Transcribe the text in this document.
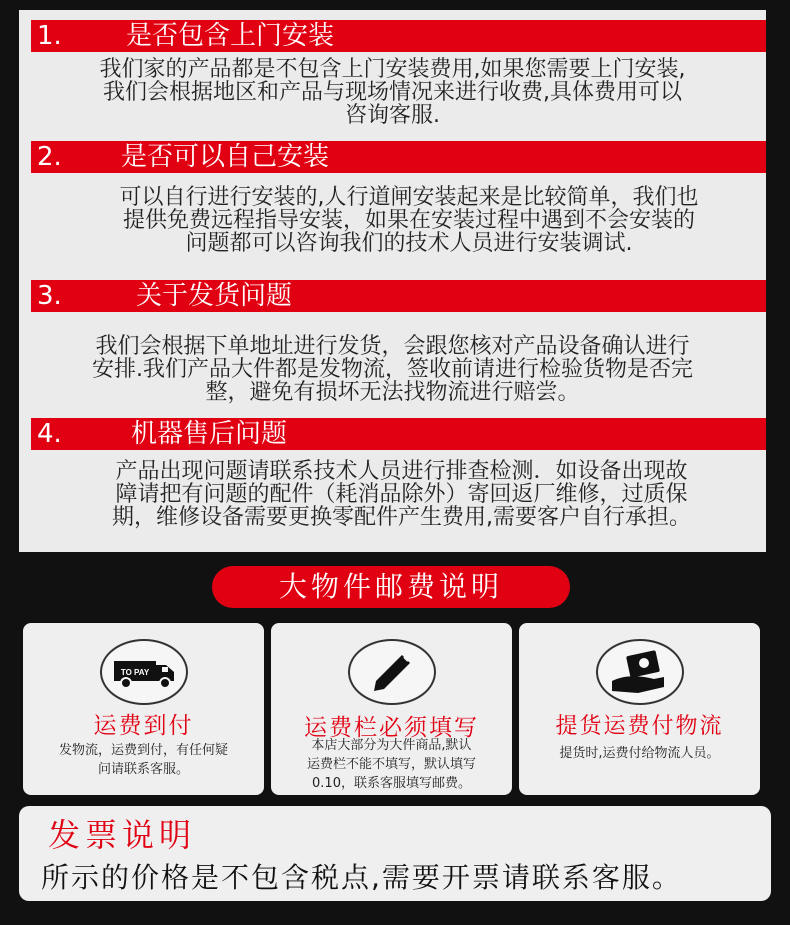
1. 是否包含上门安装
我们家的产品都是不包含上门安装费用,如果您需要上门安装,
我们会根据地区和产品与现场情况来进行收费,具体费用可以
咨询客服.
2. 是否可以自己安装
可以自行进行安装的,人行道闸安装起来是比较简单，我们也
提供免费远程指导安装，如果在安装过程中遇到不会安装的
问题都可以咨询我们的技术人员进行安装调试.
3.	关于发货问题
我们会根据下单地址进行发货，会跟您核对产品设备确认进行
安排.我们产品大件都是发物流，签收前请进行检验货物是否完
整，避免有损坏无法找物流进行赔尝。
4.	机器售后问题
产品出现问题请联系技术人员进行排查检测．如设备出现故
障请把有问题的配件（耗消品除外）寄回返厂维修，过质保
期，维修设备需要更换零配件产生费用,需要客户自行承担。
大物件邮费说明
TO PAY
运费到付
发物流，运费到付，有任何疑
问请联系客服。
运费栏必须填写
本店大部分为大件商品,默认
运费栏不能不填写，默认填写
0.10，联系客服填写邮费。
提货运费付物流
提货时,运费付给物流人员。
发票说明
所示的价格是不包含税点,需要开票请联系客服。
